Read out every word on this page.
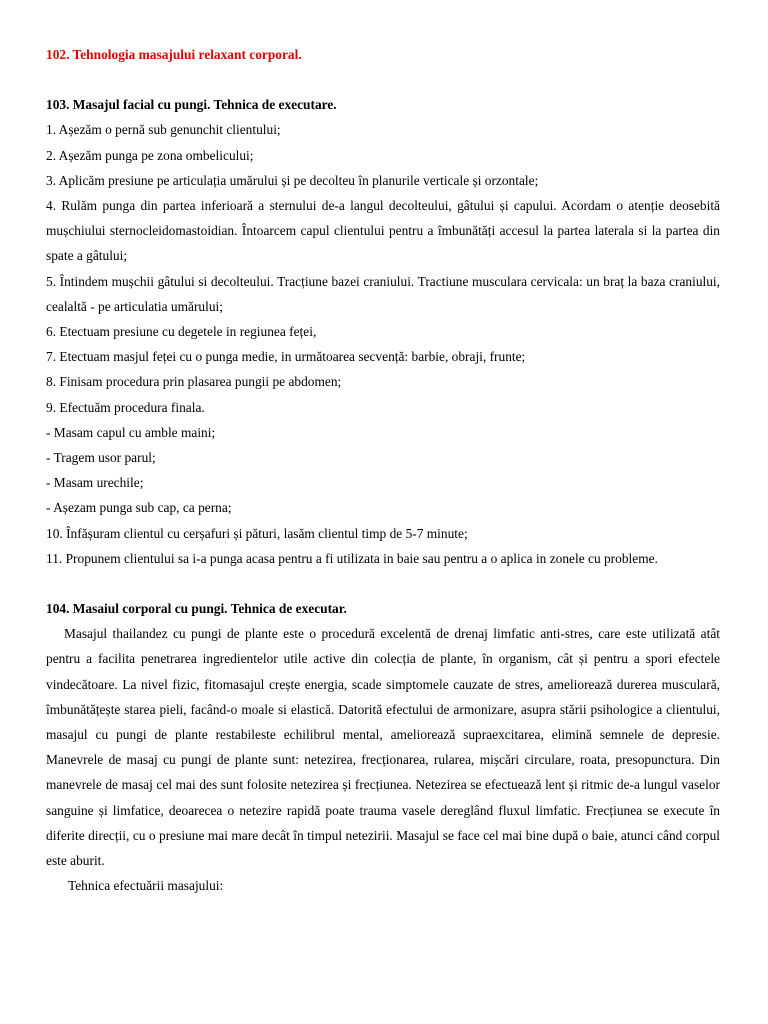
102. Tehnologia masajului relaxant corporal.

103. Masajul facial cu pungi. Tehnica de executare.

1. Așezăm o pernă sub genunchit clientului;

2. Așezăm punga pe zona ombelicului;

3. Aplicăm presiune pe articulația umărului și pe decolteu în planurile verticale și orzontale;

4. Rulăm punga din partea inferioară a sternului de-a langul decolteului, gâtului și capului. Acordam o atenție deosebită mușchiului sternocleidomastoidian. Întoarcem capul clientului pentru a îmbunătăți accesul la partea laterala si la partea din spate a gâtului;

5. Întindem mușchii gâtului si decolteului. Tracțiune bazei craniului. Tractiune musculara cervicala: un braț la baza craniului, cealaltă - pe articulatia umărului;

6. Etectuam presiune cu degetele in regiunea feței,

7. Etectuam masjul feței cu o punga medie, in următoarea secvență: barbie, obraji, frunte;

8. Finisam procedura prin plasarea pungii pe abdomen;

9. Efectuăm procedura finala.

- Masam capul cu amble maini;

- Tragem usor parul;

- Masam urechile;

- Așezam punga sub cap, ca perna;

10. Înfășuram clientul cu cerșafuri și pături, lasăm clientul timp de 5-7 minute;

11. Propunem clientului sa i-a punga acasa pentru a fi utilizata in baie sau pentru a o aplica in zonele cu probleme.

104. Masaiul corporal cu pungi. Tehnica de executar.

Masajul thailandez cu pungi de plante este o procedură excelentă de drenaj limfatic anti-stres, care este utilizată atât pentru a facilita penetrarea ingredientelor utile active din colecția de plante, în organism, cât și pentru a spori efectele vindecătoare. La nivel fizic, fitomasajul crește energia, scade simptomele cauzate de stres, ameliorează durerea musculară, îmbunătățește starea pieli, facând-o moale si elastică. Datorită efectului de armonizare, asupra stării psihologice a clientului, masajul cu pungi de plante restabileste echilibrul mental, ameliorează supraexcitarea, elimină semnele de depresie. Manevrele de masaj cu pungi de plante sunt: netezirea, frecționarea, rularea, mișcări circulare, roata, presopunctura. Din manevrele de masaj cel mai des sunt folosite netezirea și frecțiunea. Netezirea se efectuează lent și ritmic de-a lungul vaselor sanguine și limfatice, deoarecea o netezire rapidă poate trauma vasele dereglând fluxul limfatic. Frecțiunea se execute în diferite direcții, cu o presiune mai mare decât în timpul netezirii. Masajul se face cel mai bine după o baie, atunci când corpul este aburit.

Tehnica efectuării masajului:
